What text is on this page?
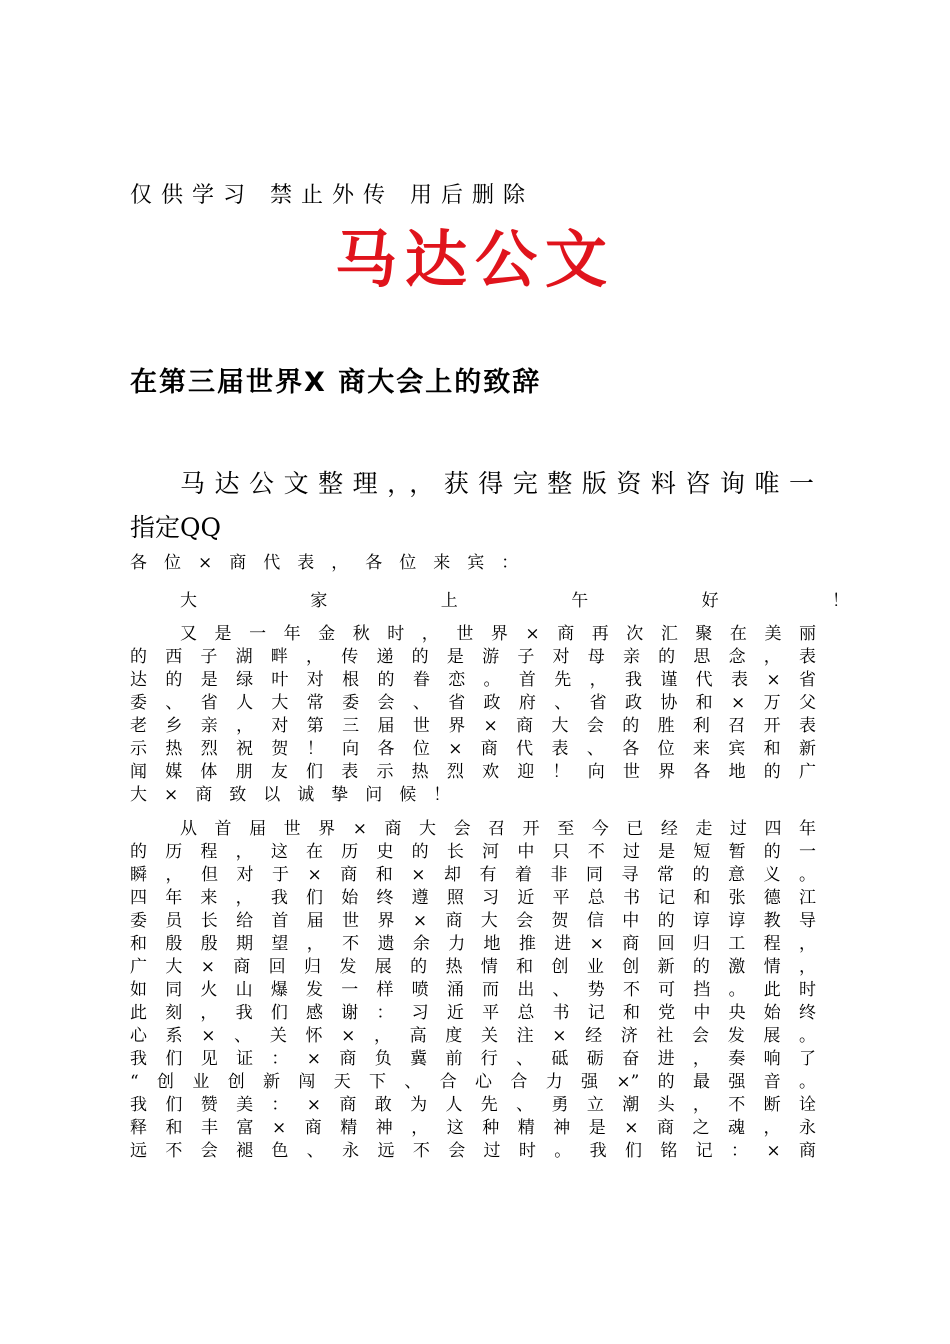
仅供学习 禁止外传 用后删除
马达公文
在第三届世界X 商大会上的致辞
马达公文整理，，获得完整版资料咨询唯一
指定QQ
各位×商代表，各位来宾：
大家上午好！
又是一年金秋时，世界×商再次汇聚在美丽
的西子湖畔，传递的是游子对母亲的思念，表
达的是绿叶对根的眷恋。首先，我谨代表×省
委、省人大常委会、省政府、省政协和×万父
老乡亲，对第三届世界×商大会的胜利召开表
示热烈祝贺！向各位×商代表、各位来宾和新
闻媒体朋友们表示热烈欢迎！向世界各地的广
大×商致以诚挚问候！
从首届世界×商大会召开至今已经走过四年
的历程，这在历史的长河中只不过是短暂的一
瞬，但对于×商和×却有着非同寻常的意义。
四年来，我们始终遵照习近平总书记和张德江
委员长给首届世界×商大会贺信中的谆谆教导
和殷殷期望，不遗余力地推进×商回归工程，
广大×商回归发展的热情和创业创新的激情，
如同火山爆发一样喷涌而出、势不可挡。此时
此刻，我们感谢：习近平总书记和党中央始终
心系×、关怀×，高度关注×经济社会发展。
我们见证：×商负冀前行、砥砺奋进，奏响了
“创业创新闯天下、合心合力强×”的最强音。
我们赞美：×商敢为人先、勇立潮头，不断诠
释和丰富×商精神，这种精神是×商之魂，永
远不会褪色、永远不会过时。我们铭记：×商
